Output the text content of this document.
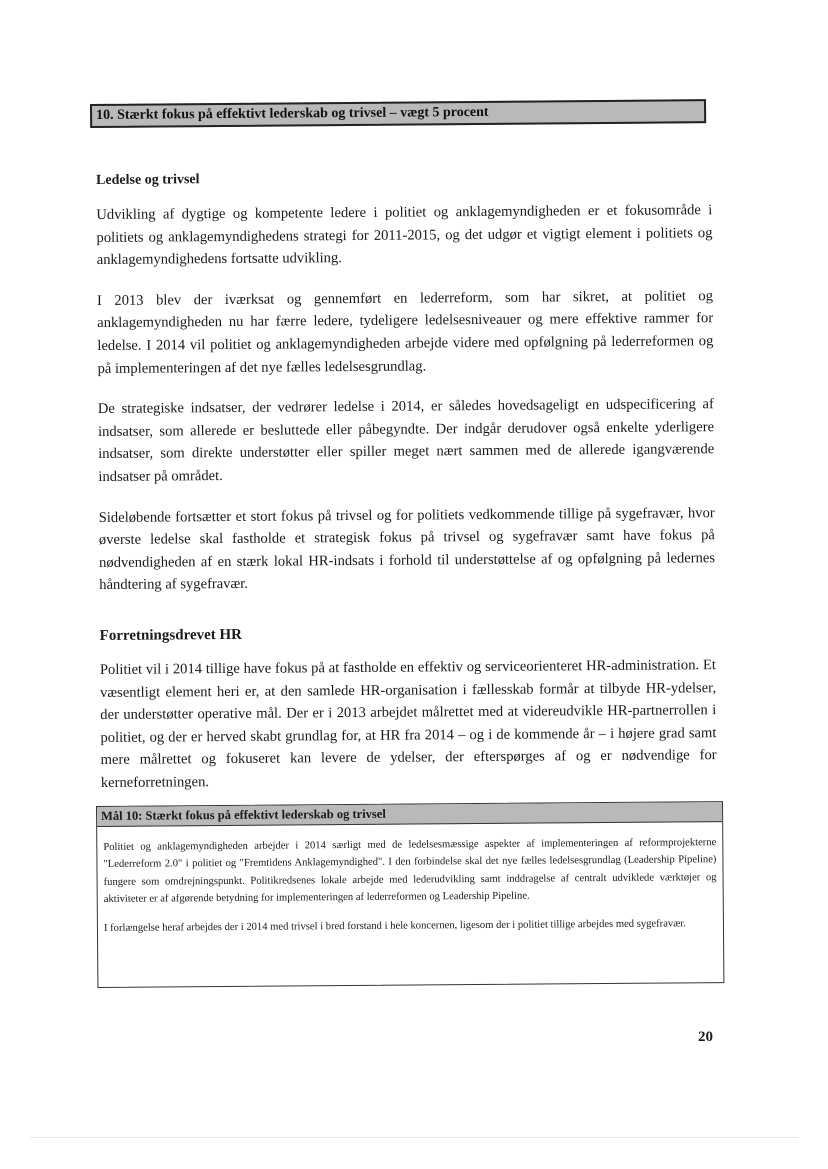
10. Stærkt fokus på effektivt lederskab og trivsel – vægt 5 procent
Ledelse og trivsel

Udvikling af dygtige og kompetente ledere i politiet og anklagemyndigheden er et fokusområde i politiets og anklagemyndighedens strategi for 2011-2015, og det udgør et vigtigt element i politiets og anklagemyndighedens fortsatte udvikling.

I 2013 blev der iværksat og gennemført en lederreform, som har sikret, at politiet og anklagemyndigheden nu har færre ledere, tydeligere ledelsesniveauer og mere effektive rammer for ledelse. I 2014 vil politiet og anklagemyndigheden arbejde videre med opfølgning på lederreformen og på implementeringen af det nye fælles ledelsesgrundlag.

De strategiske indsatser, der vedrører ledelse i 2014, er således hovedsageligt en udspecificering af indsatser, som allerede er besluttede eller påbegyndte. Der indgår derudover også enkelte yderligere indsatser, som direkte understøtter eller spiller meget nært sammen med de allerede igangværende indsatser på området.

Sideløbende fortsætter et stort fokus på trivsel og for politiets vedkommende tillige på sygefravær, hvor øverste ledelse skal fastholde et strategisk fokus på trivsel og sygefravær samt have fokus på nødvendigheden af en stærk lokal HR-indsats i forhold til understøttelse af og opfølgning på ledernes håndtering af sygefravær.

Forretningsdrevet HR

Politiet vil i 2014 tillige have fokus på at fastholde en effektiv og serviceorienteret HR-administration. Et væsentligt element heri er, at den samlede HR-organisation i fællesskab formår at tilbyde HR-ydelser, der understøtter operative mål. Der er i 2013 arbejdet målrettet med at videreudvikle HR-partnerrollen i politiet, og der er herved skabt grundlag for, at HR fra 2014 – og i de kommende år – i højere grad samt mere målrettet og fokuseret kan levere de ydelser, der efterspørges af og er nødvendige for kerneforretningen.

Mål 10: Stærkt fokus på effektivt lederskab og trivsel

Politiet og anklagemyndigheden arbejder i 2014 særligt med de ledelsesmæssige aspekter af implementeringen af reformprojekterne "Lederreform 2.0" i politiet og "Fremtidens Anklagemyndighed". I den forbindelse skal det nye fælles ledelsesgrundlag (Leadership Pipeline) fungere som omdrejningspunkt. Politikredsenes lokale arbejde med lederudvikling samt inddragelse af centralt udviklede værktøjer og aktiviteter er af afgørende betydning for implementeringen af lederreformen og Leadership Pipeline.

I forlængelse heraf arbejdes der i 2014 med trivsel i bred forstand i hele koncernen, ligesom der i politiet tillige arbejdes med sygefravær.

20
